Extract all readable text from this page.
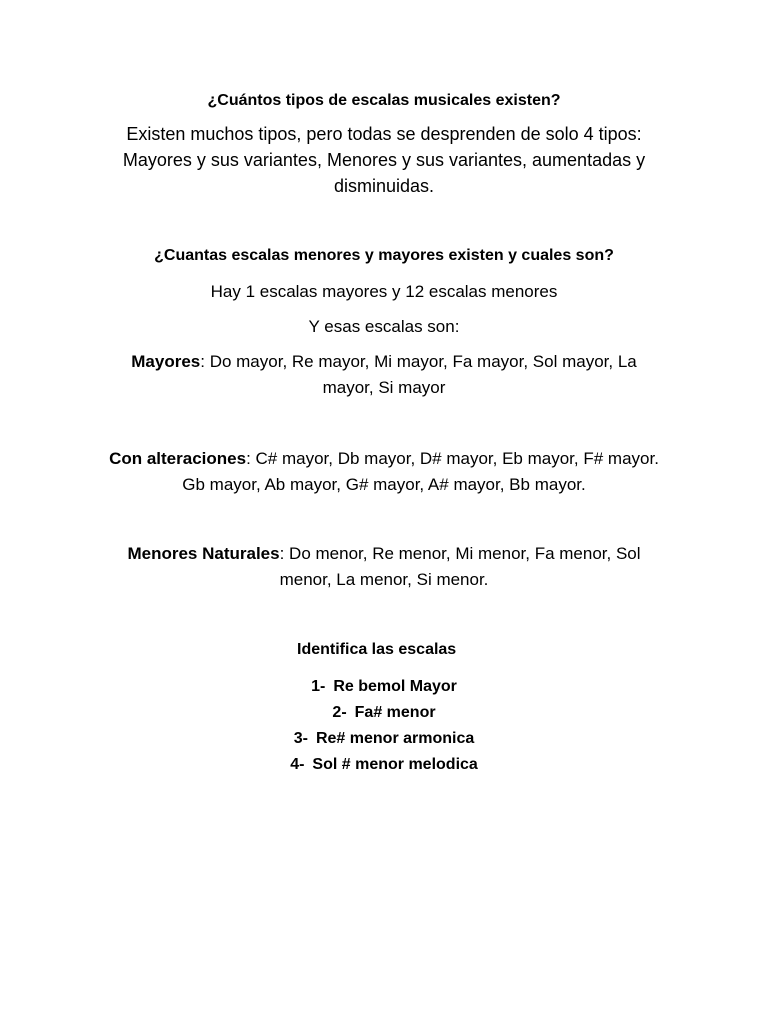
¿Cuántos tipos de escalas musicales existen?
Existen muchos tipos, pero todas se desprenden de solo 4 tipos: Mayores y sus variantes, Menores y sus variantes, aumentadas y disminuidas.
¿Cuantas escalas menores y mayores existen y cuales son?
Hay 1 escalas mayores y 12 escalas menores
Y esas escalas son:
Mayores: Do mayor, Re mayor, Mi mayor, Fa mayor, Sol mayor, La mayor, Si mayor
Con alteraciones: C# mayor, Db mayor, D# mayor, Eb mayor, F# mayor. Gb mayor, Ab mayor, G# mayor, A# mayor, Bb mayor.
Menores Naturales: Do menor, Re menor, Mi menor, Fa menor, Sol menor, La menor, Si menor.
Identifica las escalas
1- Re bemol Mayor
2- Fa# menor
3- Re# menor armonica
4- Sol # menor melodica
